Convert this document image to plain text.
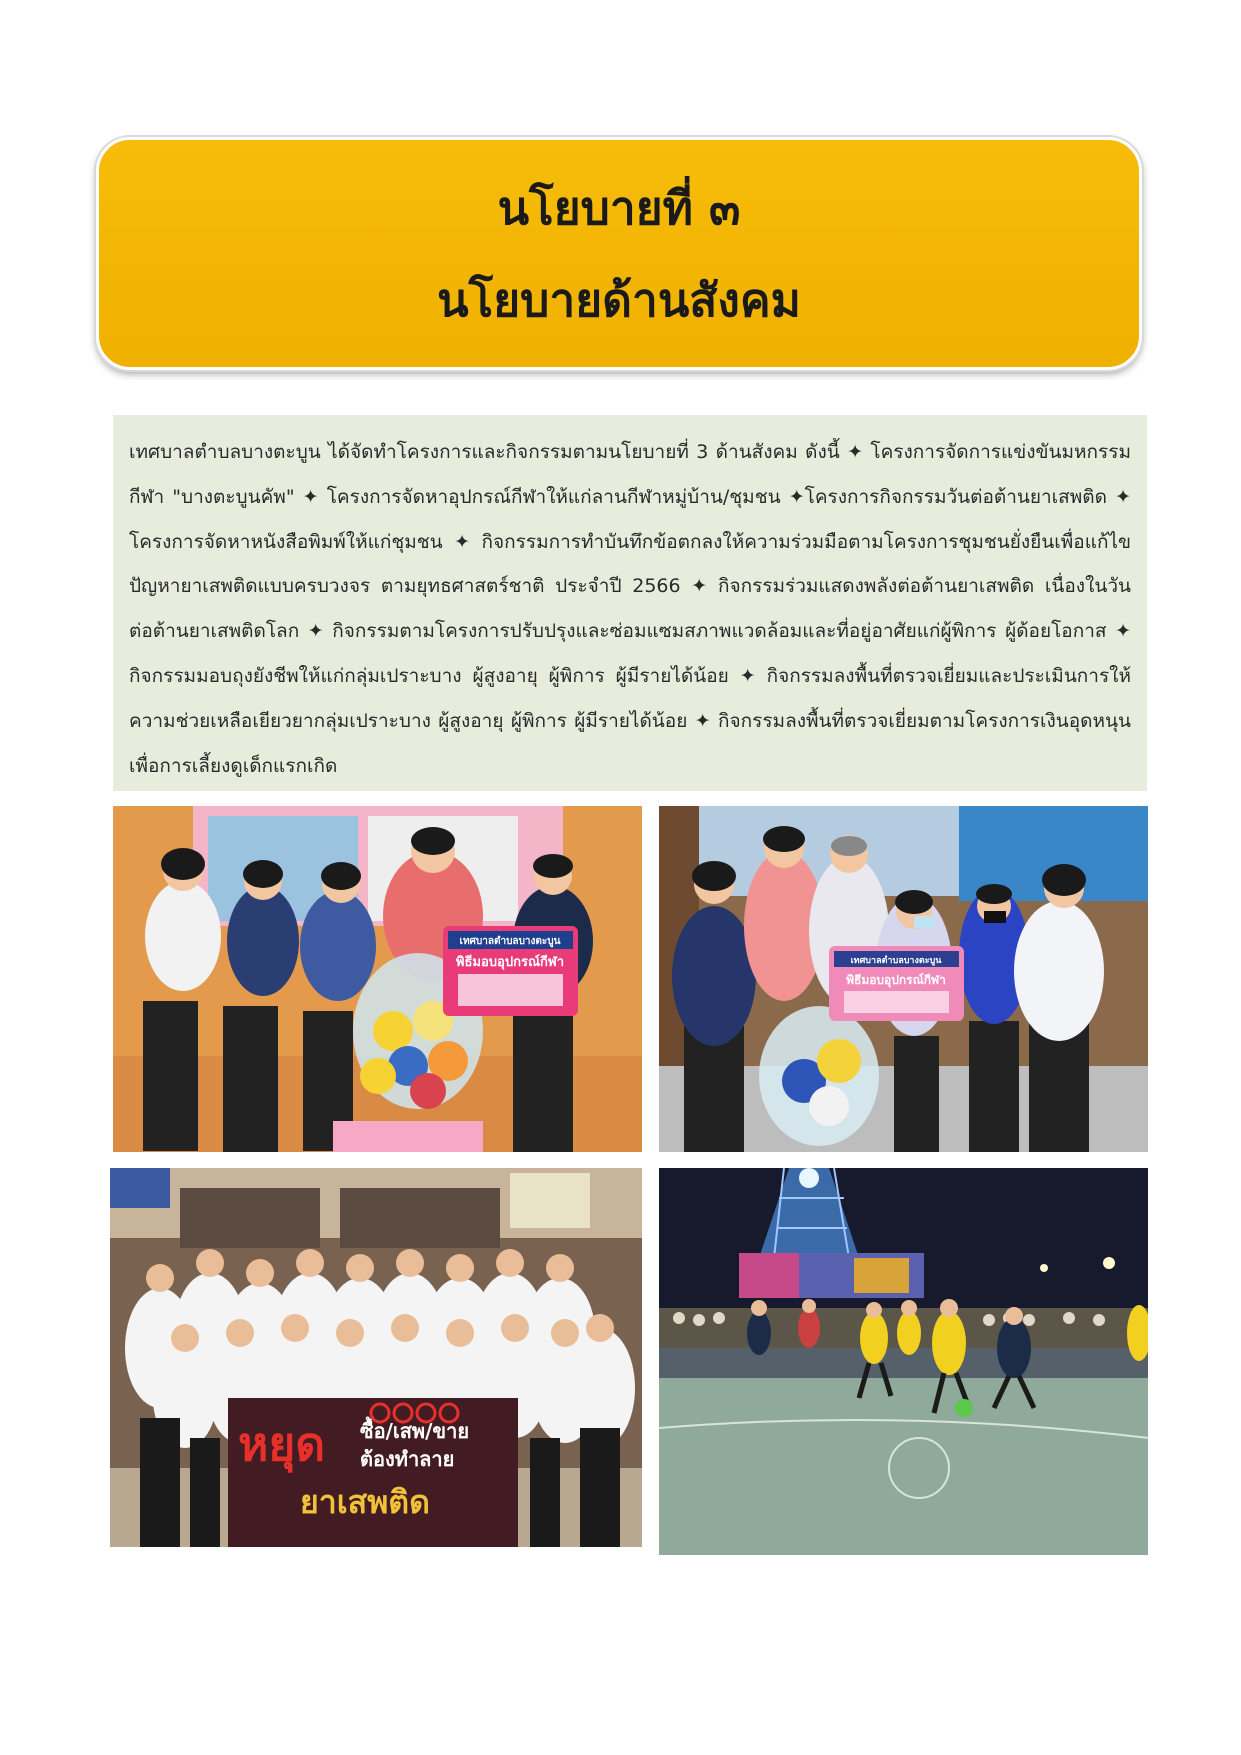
นโยบายที่ ๓
นโยบายด้านสังคม

เทศบาลตำบลบางตะบูน ได้จัดทำโครงการและกิจกรรมตามนโยบายที่ 3 ด้านสังคม ดังนี้ ✦ โครงการจัดการแข่งขันมหกรรมกีฬา "บางตะบูนคัพ" ✦ โครงการจัดหาอุปกรณ์กีฬาให้แก่ลานกีฬาหมู่บ้าน/ชุมชน ✦โครงการกิจกรรมวันต่อต้านยาเสพติด ✦ โครงการจัดหาหนังสือพิมพ์ให้แก่ชุมชน ✦ กิจกรรมการทำบันทึกข้อตกลงให้ความร่วมมือตามโครงการชุมชนยั่งยืนเพื่อแก้ไขปัญหายาเสพติดแบบครบวงจร ตามยุทธศาสตร์ชาติ ประจำปี 2566 ✦ กิจกรรมร่วมแสดงพลังต่อต้านยาเสพติด เนื่องในวันต่อต้านยาเสพติดโลก ✦ กิจกรรมตามโครงการปรับปรุงและซ่อมแซมสภาพแวดล้อมและที่อยู่อาศัยแก่ผู้พิการ ผู้ด้อยโอกาส ✦ กิจกรรมมอบถุงยังชีพให้แก่กลุ่มเปราะบาง ผู้สูงอายุ ผู้พิการ ผู้มีรายได้น้อย ✦ กิจกรรมลงพื้นที่ตรวจเยี่ยมและประเมินการให้ความช่วยเหลือเยียวยากลุ่มเปราะบาง ผู้สูงอายุ ผู้พิการ ผู้มีรายได้น้อย ✦ กิจกรรมลงพื้นที่ตรวจเยี่ยมตามโครงการเงินอุดหนุนเพื่อการเลี้ยงดูเด็กแรกเกิด

เทศบาลตำบลบางตะบูน
พิธีมอบอุปกรณ์กีฬา	เทศบาลตำบลบางตะบูน
พิธีมอบอุปกรณ์กีฬา
หยุด ซื้อ/เสพ/ขาย
ต้องทำลาย
ยาเสพติด
